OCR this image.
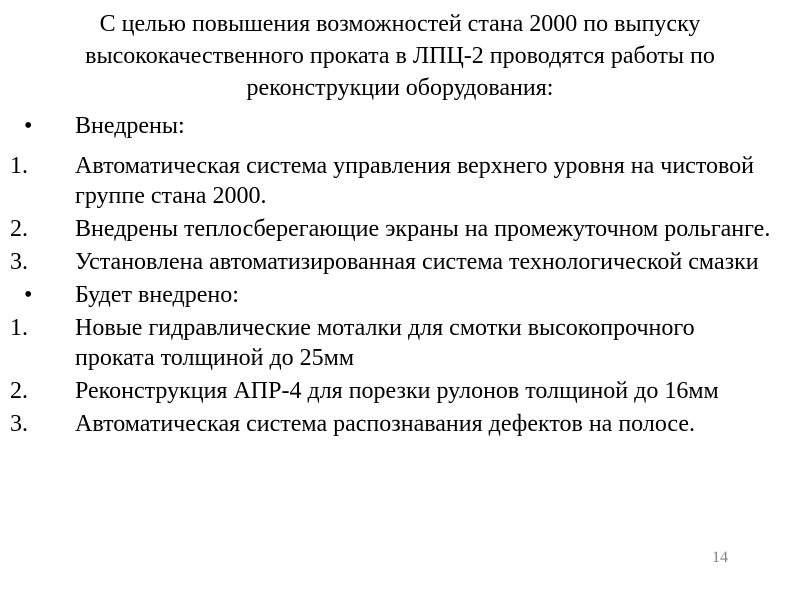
С целью повышения возможностей стана 2000 по выпуску высококачественного проката в ЛПЦ-2 проводятся работы по реконструкции оборудования:
•	Внедрены:
1.	Автоматическая система управления верхнего уровня на чистовой группе стана 2000.
2.	Внедрены теплосберегающие экраны на промежуточном рольганге.
3.	Установлена автоматизированная система технологической смазки
•	Будет внедрено:
1.	Новые гидравлические моталки для смотки высокопрочного проката толщиной до 25мм
2.	Реконструкция АПР-4 для порезки рулонов толщиной до 16мм
3.	Автоматическая система распознавания дефектов на полосе.
14
